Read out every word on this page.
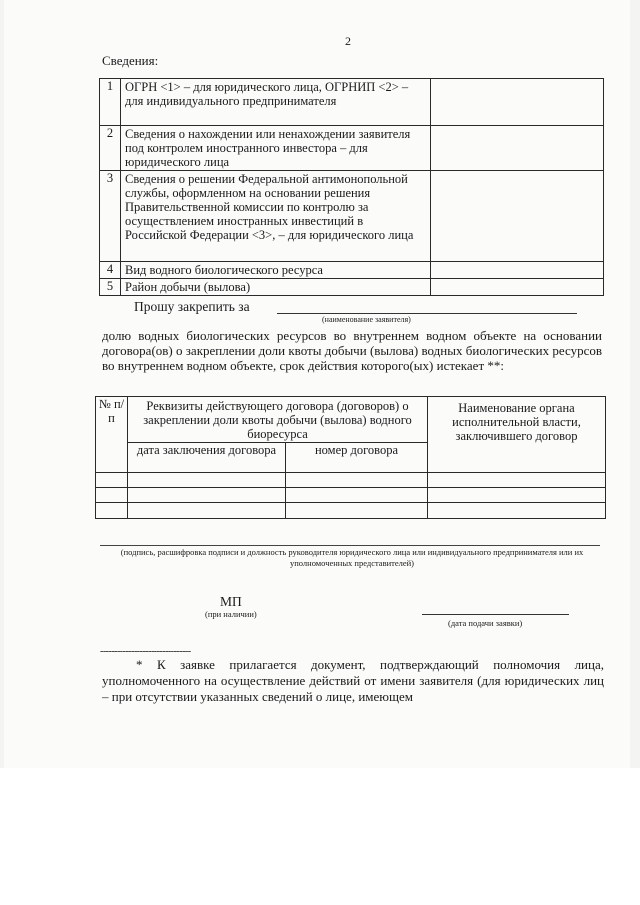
2
Сведения:
1	ОГРН <1> – для юридического лица, ОГРНИП <2> – для индивидуального предпринимателя	
2	Сведения о нахождении или ненахождении заявителя под контролем иностранного инвестора – для юридического лица	
3	Сведения о решении Федеральной антимонопольной службы, оформленном на основании решения Правительственной комиссии по контролю за осуществлением иностранных инвестиций в Российской Федерации <3>, – для юридического лица	
4	Вид водного биологического ресурса	
5	Район добычи (вылова)	
Прошу закрепить за
(наименование заявителя)
долю водных биологических ресурсов во внутреннем водном объекте на основании договора(ов) о закреплении доли квоты добычи (вылова) водных биологических ресурсов во внутреннем водном объекте, срок действия которого(ых) истекает **:
№ п/п	Реквизиты действующего договора (договоров) о закреплении доли квоты добычи (вылова) водного биоресурса		Наименование органа исполнительной власти, заключившего договор
	дата заключения договора	номер договора	

(подпись, расшифровка подписи и должность руководителя юридического лица или индивидуального предпринимателя или их уполномоченных представителей)
МП
(при наличии)
(дата подачи заявки)
--------------------------------
* К заявке прилагается документ, подтверждающий полномочия лица, уполномоченного на осуществление действий от имени заявителя (для юридических лиц – при отсутствии указанных сведений о лице, имеющем
